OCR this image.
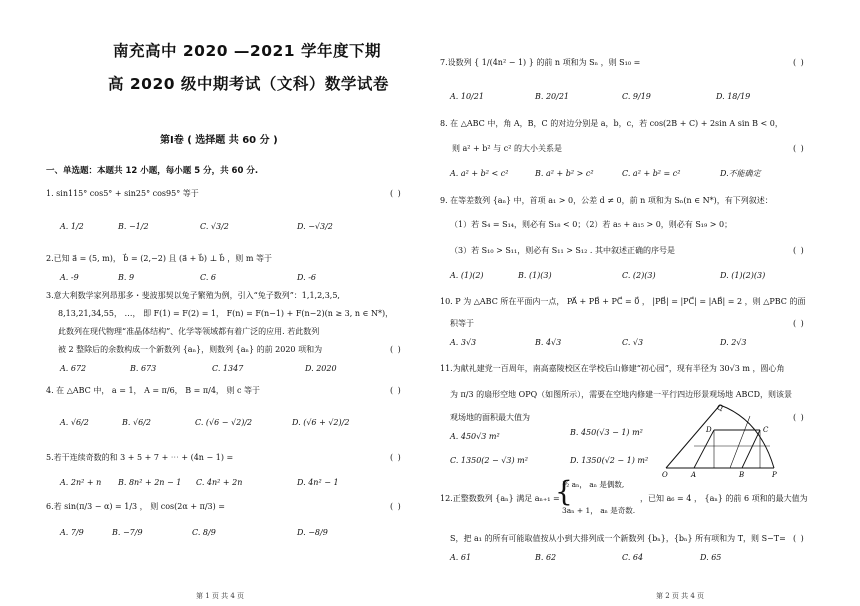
南充高中 2020 —2021 学年度下期
高 2020 级中期考试（文科）数学试卷
第Ⅰ卷 ( 选择题 共 60 分 )
一、单选题：本题共 12 小题，每小题 5 分，共 60 分.
1. sin115° cos5° + sin25° cos95° 等于	( )
A. 1/2	B. −1/2	C. √3/2	D. −√3/2
2.已知 a⃗ = (5, m)， b⃗ = (2,−2) 且 (a⃗ + b⃗) ⊥ b⃗ ，则 m 等于
A. -9	B. 9	C. 6	D. -6
3.意大利数学家列昂那多・斐波那契以兔子繁殖为例，引入“兔子数列”：1,1,2,3,5,
8,13,21,34,55， …， 即 F(1) = F(2) = 1， F(n) = F(n−1) + F(n−2)(n ≥ 3, n ∈ N*)，
此数列在现代物理“准晶体结构”、化学等领域都有着广泛的应用. 若此数列
被 2 整除后的余数构成一个新数列 {aₙ}，则数列 {aₙ} 的前 2020 项和为	( )
A. 672	B. 673	C. 1347	D. 2020
4. 在 △ABC 中， a = 1， A = π/6， B = π/4， 则 c 等于	( )
A. √6/2	B. √6/2	C. (√6 − √2)/2	D. (√6 + √2)/2
5.若干连续奇数的和 3 + 5 + 7 + ⋯ + (4n − 1) =	( )
A. 2n² + n B. 8n² + 2n − 1 C. 4n² + 2n	D. 4n² − 1
6.若 sin(π/3 − α) = 1/3 ， 则 cos(2α + π/3) =	( )
A. 7/9	B. −7/9	C. 8/9	D. −8/9
第 1 页 共 4 页
7.设数列 { 1/(4n² − 1) } 的前 n 项和为 Sₙ ，则 S₁₀ =	( )
A. 10/21	B. 20/21	C. 9/19	D. 18/19
8. 在 △ABC 中，角 A，B，C 的对边分别是 a，b，c，若 cos(2B + C) + 2sin A sin B < 0，
则 a² + b² 与 c² 的大小关系是	( )
A. a² + b² < c²	B. a² + b² > c²	C. a² + b² = c²	D.不能确定
9. 在等差数列 {aₙ} 中，首项 a₁ > 0，公差 d ≠ 0，前 n 项和为 Sₙ(n ∈ N*)，有下列叙述：
（1）若 S₄ = S₁₄，则必有 S₁₈ < 0；（2）若 a₅ + a₁₅ > 0，则必有 S₁₉ > 0；
（3）若 S₁₀ > S₁₁，则必有 S₁₁ > S₁₂ . 其中叙述正确的序号是	( )
A. (1)(2)	B. (1)(3)	C. (2)(3)	D. (1)(2)(3)
10. P 为 △ABC 所在平面内一点， PA⃗ + PB⃗ + PC⃗ = 0⃗ ， |PB⃗| = |PC⃗| = |AB⃗| = 2 ，则 △PBC 的面
积等于	( )
A. 3√3	B. 4√3	C. √3	D. 2√3
11.为献礼建党一百周年，南高嘉陵校区在学校后山修建“初心园”，现有半径为 30√3 m ，圆心角
为 π/3 的扇形空地 OPQ（如图所示），需要在空地内修建一平行四边形景观场地 ABCD，则该景
观场地的面积最大值为	( )
A. 450√3 m²	B. 450(√3 − 1) m²
C. 1350(2 − √3) m²	D. 1350(√2 − 1) m²
O	A	B	P
C
D
Q
12.正整数数列 {aₙ} 满足 aₙ₊₁ =
½ aₙ， aₙ 是偶数,
3aₙ + 1， aₙ 是奇数.
{	，已知 a₆ = 4 ， {aₙ} 的前 6 项和的最大值为
S，把 a₁ 的所有可能取值按从小到大排列成一个新数列 {bₙ}，{bₙ} 所有项和为 T，则 S−T= ( )
A. 61	B. 62	C. 64	D. 65
第 2 页 共 4 页
